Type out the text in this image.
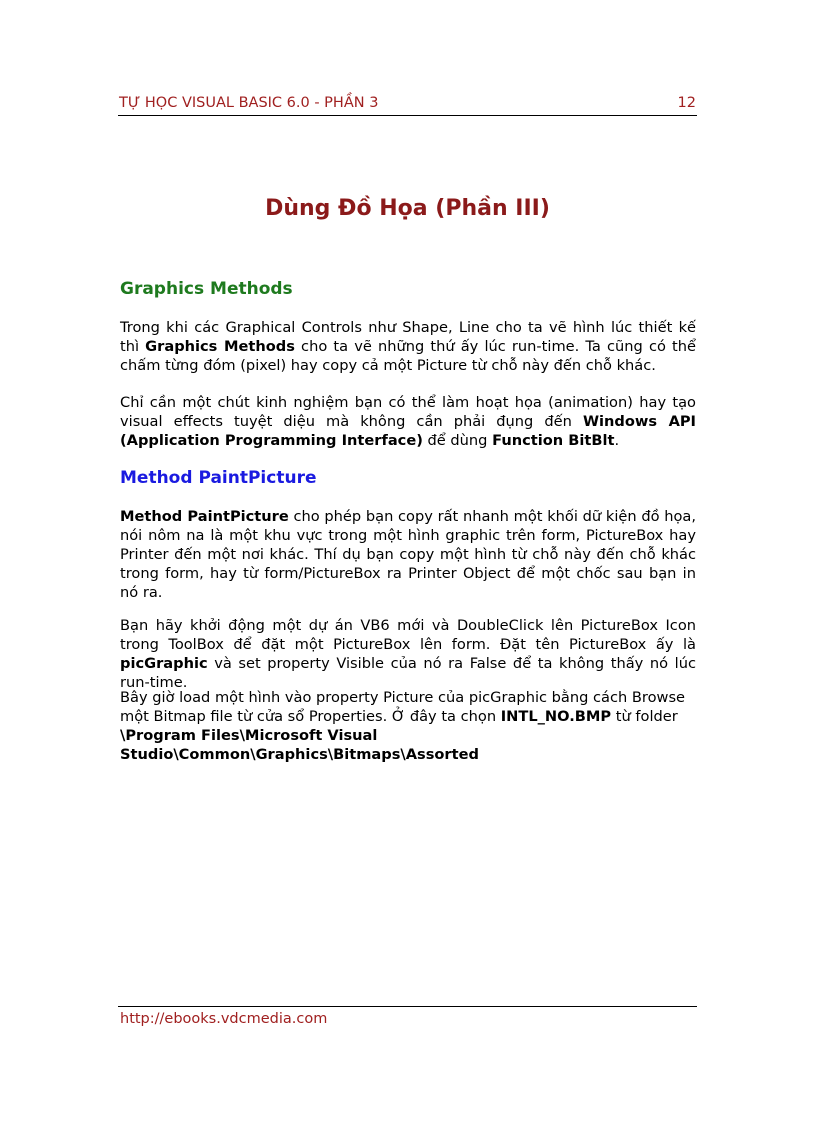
TỰ HỌC VISUAL BASIC 6.0 - PHẦN 3	12
Dùng Đồ Họa (Phần III)
Graphics Methods

Trong khi các Graphical Controls như Shape, Line cho ta vẽ hình lúc thiết kế thì Graphics Methods cho ta vẽ những thứ ấy lúc run-time. Ta cũng có thể chấm từng đóm (pixel) hay copy cả một Picture từ chỗ này đến chỗ khác.

Chỉ cần một chút kinh nghiệm bạn có thể làm hoạt họa (animation) hay tạo visual effects tuyệt diệu mà không cần phải đụng đến Windows API (Application Programming Interface) để dùng Function BitBlt.

Method PaintPicture

Method PaintPicture cho phép bạn copy rất nhanh một khối dữ kiện đồ họa, nói nôm na là một khu vực trong một hình graphic trên form, PictureBox hay Printer đến một nơi khác. Thí dụ bạn copy một hình từ chỗ này đến chỗ khác trong form, hay từ form/PictureBox ra Printer Object để một chốc sau bạn in nó ra.

Bạn hãy khởi động một dự án VB6 mới và DoubleClick lên PictureBox Icon trong ToolBox để đặt một PictureBox lên form. Đặt tên PictureBox ấy là picGraphic và set property Visible của nó ra False để ta không thấy nó lúc run-time.

Bây giờ load một hình vào property Picture của picGraphic bằng cách Browse một Bitmap file từ cửa sổ Properties. Ở đây ta chọn INTL_NO.BMP từ folder \Program Files\Microsoft Visual Studio\Common\Graphics\Bitmaps\Assorted

http://ebooks.vdcmedia.com
